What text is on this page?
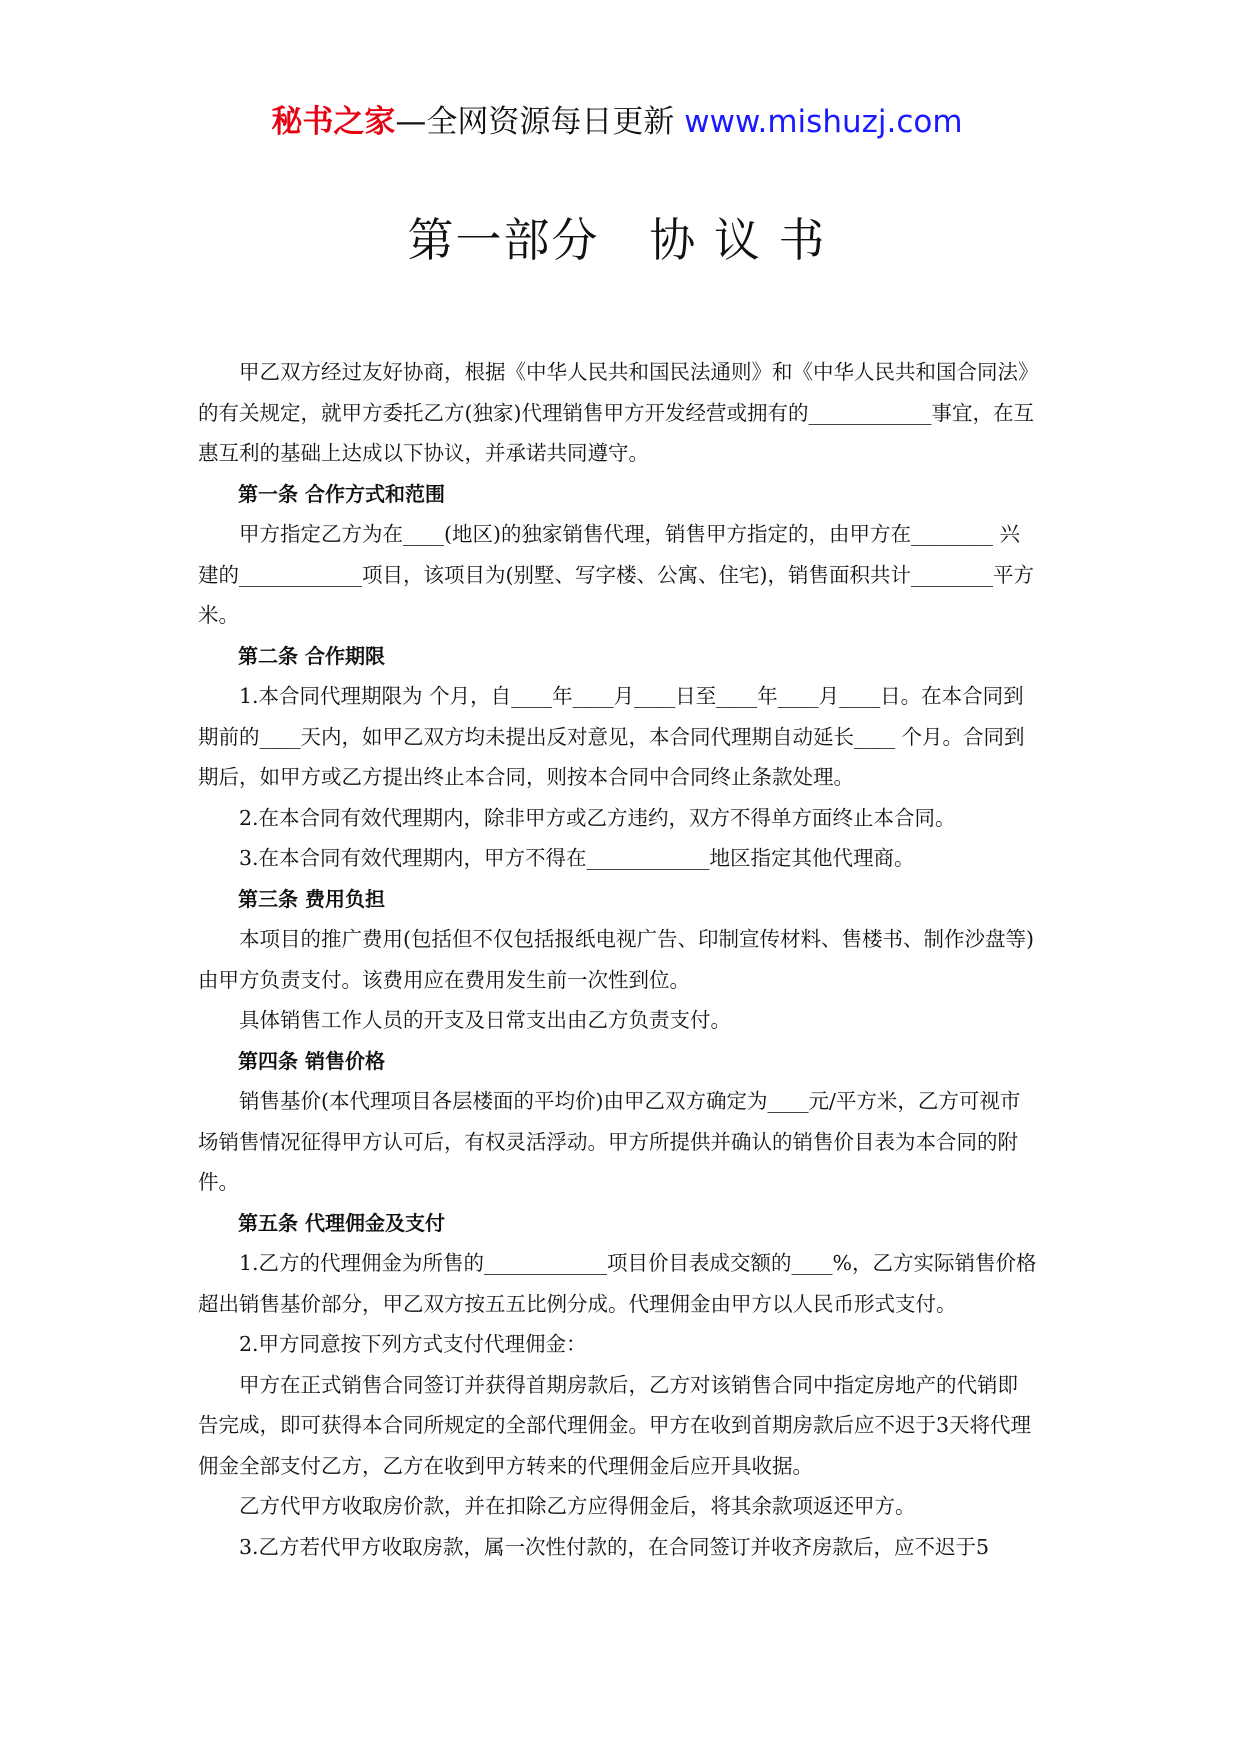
秘书之家—全网资源每日更新 www.mishuzj.com
第一部分   协 议 书

甲乙双方经过友好协商，根据《中华人民共和国民法通则》和《中华人民共和国合同法》的有关规定，就甲方委托乙方(独家)代理销售甲方开发经营或拥有的____________事宜，在互惠互利的基础上达成以下协议，并承诺共同遵守。

第一条 合作方式和范围

甲方指定乙方为在____(地区)的独家销售代理，销售甲方指定的，由甲方在________ 兴建的____________项目，该项目为(别墅、写字楼、公寓、住宅)，销售面积共计________平方米。

第二条 合作期限

1.本合同代理期限为 个月，自____年____月____日至____年____月____日。在本合同到期前的____天内，如甲乙双方均未提出反对意见，本合同代理期自动延长____ 个月。合同到期后，如甲方或乙方提出终止本合同，则按本合同中合同终止条款处理。

2.在本合同有效代理期内，除非甲方或乙方违约，双方不得单方面终止本合同。

3.在本合同有效代理期内，甲方不得在____________地区指定其他代理商。

第三条 费用负担

本项目的推广费用(包括但不仅包括报纸电视广告、印制宣传材料、售楼书、制作沙盘等)由甲方负责支付。该费用应在费用发生前一次性到位。

具体销售工作人员的开支及日常支出由乙方负责支付。

第四条 销售价格

销售基价(本代理项目各层楼面的平均价)由甲乙双方确定为____元/平方米，乙方可视市场销售情况征得甲方认可后，有权灵活浮动。甲方所提供并确认的销售价目表为本合同的附件。

第五条 代理佣金及支付

1.乙方的代理佣金为所售的____________项目价目表成交额的____%，乙方实际销售价格超出销售基价部分，甲乙双方按五五比例分成。代理佣金由甲方以人民币形式支付。

2.甲方同意按下列方式支付代理佣金：

甲方在正式销售合同签订并获得首期房款后，乙方对该销售合同中指定房地产的代销即告完成，即可获得本合同所规定的全部代理佣金。甲方在收到首期房款后应不迟于3天将代理佣金全部支付乙方，乙方在收到甲方转来的代理佣金后应开具收据。

乙方代甲方收取房价款，并在扣除乙方应得佣金后，将其余款项返还甲方。

3.乙方若代甲方收取房款，属一次性付款的，在合同签订并收齐房款后，应不迟于5
